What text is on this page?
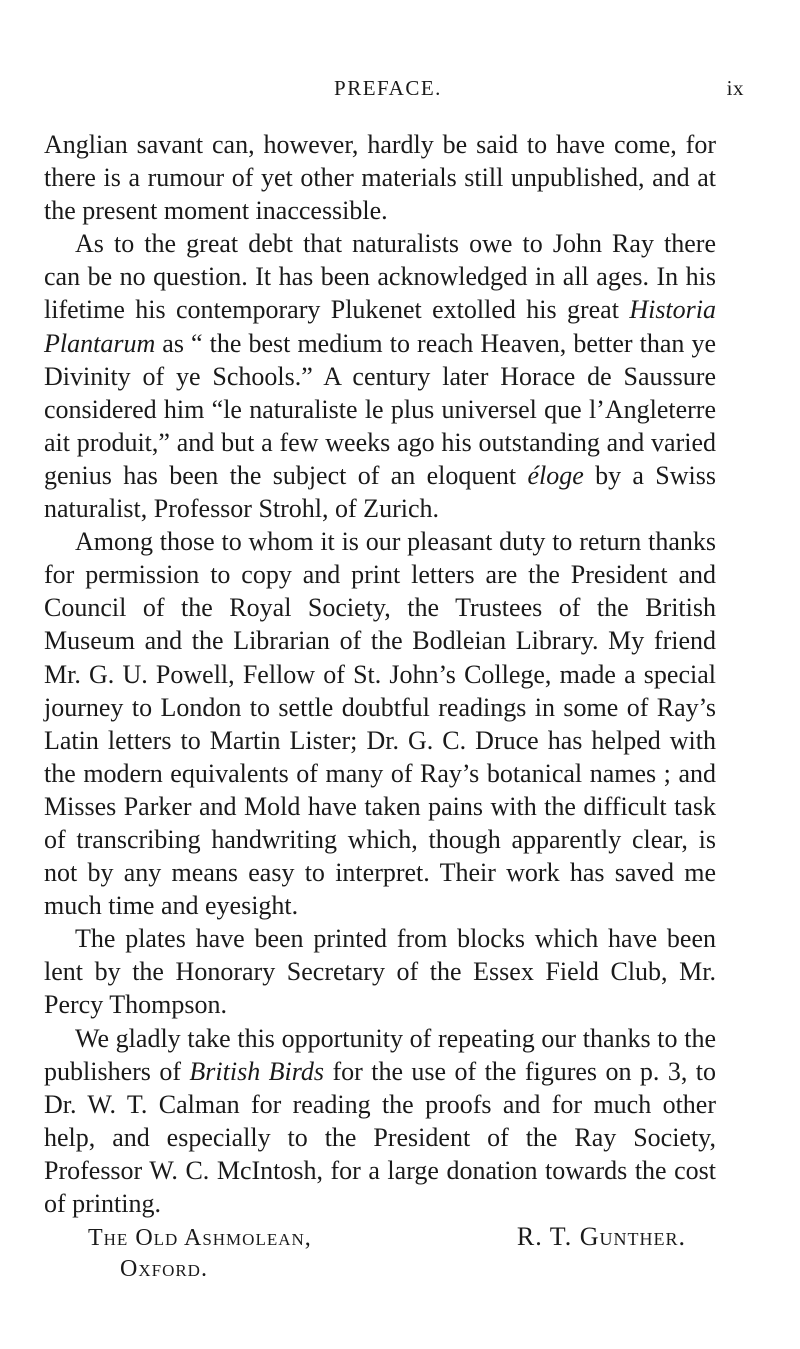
PREFACE.	ix

Anglian savant can, however, hardly be said to have come, for there is a rumour of yet other materials still unpublished, and at the present moment inaccessible.

As to the great debt that naturalists owe to John Ray there can be no question. It has been acknowledged in all ages. In his lifetime his contemporary Plukenet extolled his great Historia Plantarum as “ the best medium to reach Heaven, better than ye Divinity of ye Schools.” A century later Horace de Saussure considered him “le naturaliste le plus universel que l’Angleterre ait produit,” and but a few weeks ago his outstanding and varied genius has been the subject of an eloquent éloge by a Swiss naturalist, Professor Strohl, of Zurich.

Among those to whom it is our pleasant duty to return thanks for permission to copy and print letters are the President and Council of the Royal Society, the Trustees of the British Museum and the Librarian of the Bodleian Library. My friend Mr. G. U. Powell, Fellow of St. John’s College, made a special journey to London to settle doubtful readings in some of Ray’s Latin letters to Martin Lister; Dr. G. C. Druce has helped with the modern equivalents of many of Ray’s botanical names ; and Misses Parker and Mold have taken pains with the difficult task of transcribing handwriting which, though apparently clear, is not by any means easy to interpret. Their work has saved me much time and eyesight.

The plates have been printed from blocks which have been lent by the Honorary Secretary of the Essex Field Club, Mr. Percy Thompson.

We gladly take this opportunity of repeating our thanks to the publishers of British Birds for the use of the figures on p. 3, to Dr. W. T. Calman for reading the proofs and for much other help, and especially to the President of the Ray Society, Professor W. C. McIntosh, for a large donation towards the cost of printing.

R. T. Gunther.
The Old Ashmolean,
Oxford.
